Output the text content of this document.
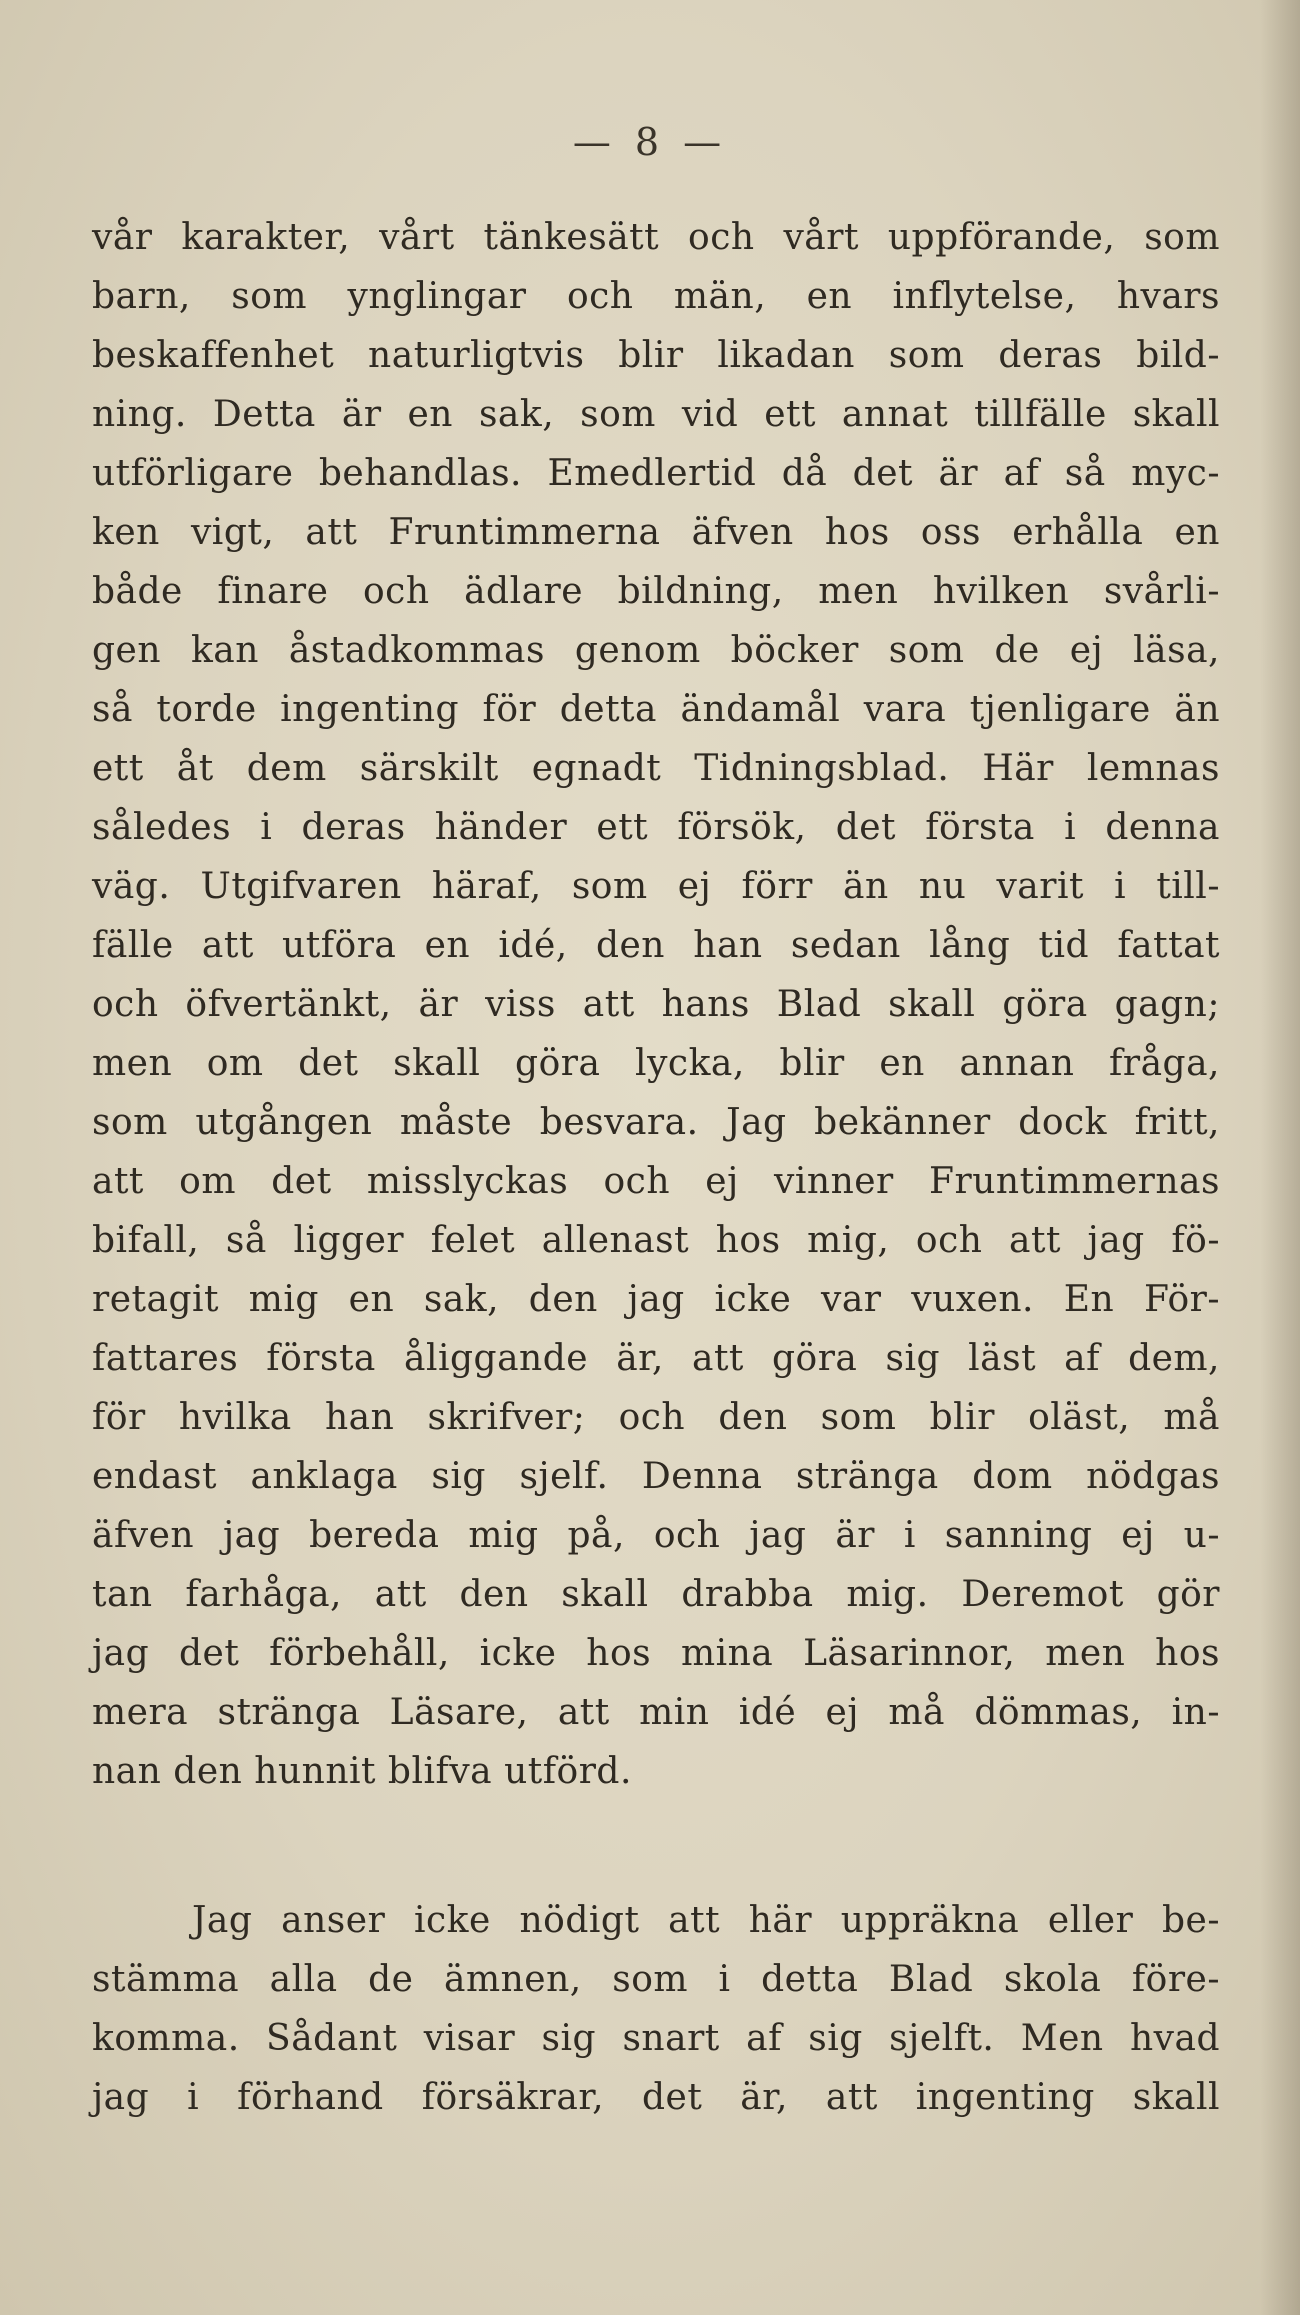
— 8 —
vår karakter, vårt tänkesätt och vårt uppförande, som
barn, som ynglingar och män, en inflytelse, hvars
beskaffenhet naturligtvis blir likadan som deras bild-
ning. Detta är en sak, som vid ett annat tillfälle skall
utförligare behandlas. Emedlertid då det är af så myc-
ken vigt, att Fruntimmerna äfven hos oss erhålla en
både finare och ädlare bildning, men hvilken svårli-
gen kan åstadkommas genom böcker som de ej läsa,
så torde ingenting för detta ändamål vara tjenligare än
ett åt dem särskilt egnadt Tidningsblad. Här lemnas
således i deras händer ett försök, det första i denna
väg. Utgifvaren häraf, som ej förr än nu varit i till-
fälle att utföra en idé, den han sedan lång tid fattat
och öfvertänkt, är viss att hans Blad skall göra gagn;
men om det skall göra lycka, blir en annan fråga,
som utgången måste besvara. Jag bekänner dock fritt,
att om det misslyckas och ej vinner Fruntimmernas
bifall, så ligger felet allenast hos mig, och att jag fö-
retagit mig en sak, den jag icke var vuxen. En För-
fattares första åliggande är, att göra sig läst af dem,
för hvilka han skrifver; och den som blir oläst, må
endast anklaga sig sjelf. Denna stränga dom nödgas
äfven jag bereda mig på, och jag är i sanning ej u-
tan farhåga, att den skall drabba mig. Deremot gör
jag det förbehåll, icke hos mina Läsarinnor, men hos
mera stränga Läsare, att min idé ej må dömmas, in-
nan den hunnit blifva utförd.
Jag anser icke nödigt att här uppräkna eller be-
stämma alla de ämnen, som i detta Blad skola före-
komma. Sådant visar sig snart af sig sjelft. Men hvad
jag i förhand försäkrar, det är, att ingenting skall
